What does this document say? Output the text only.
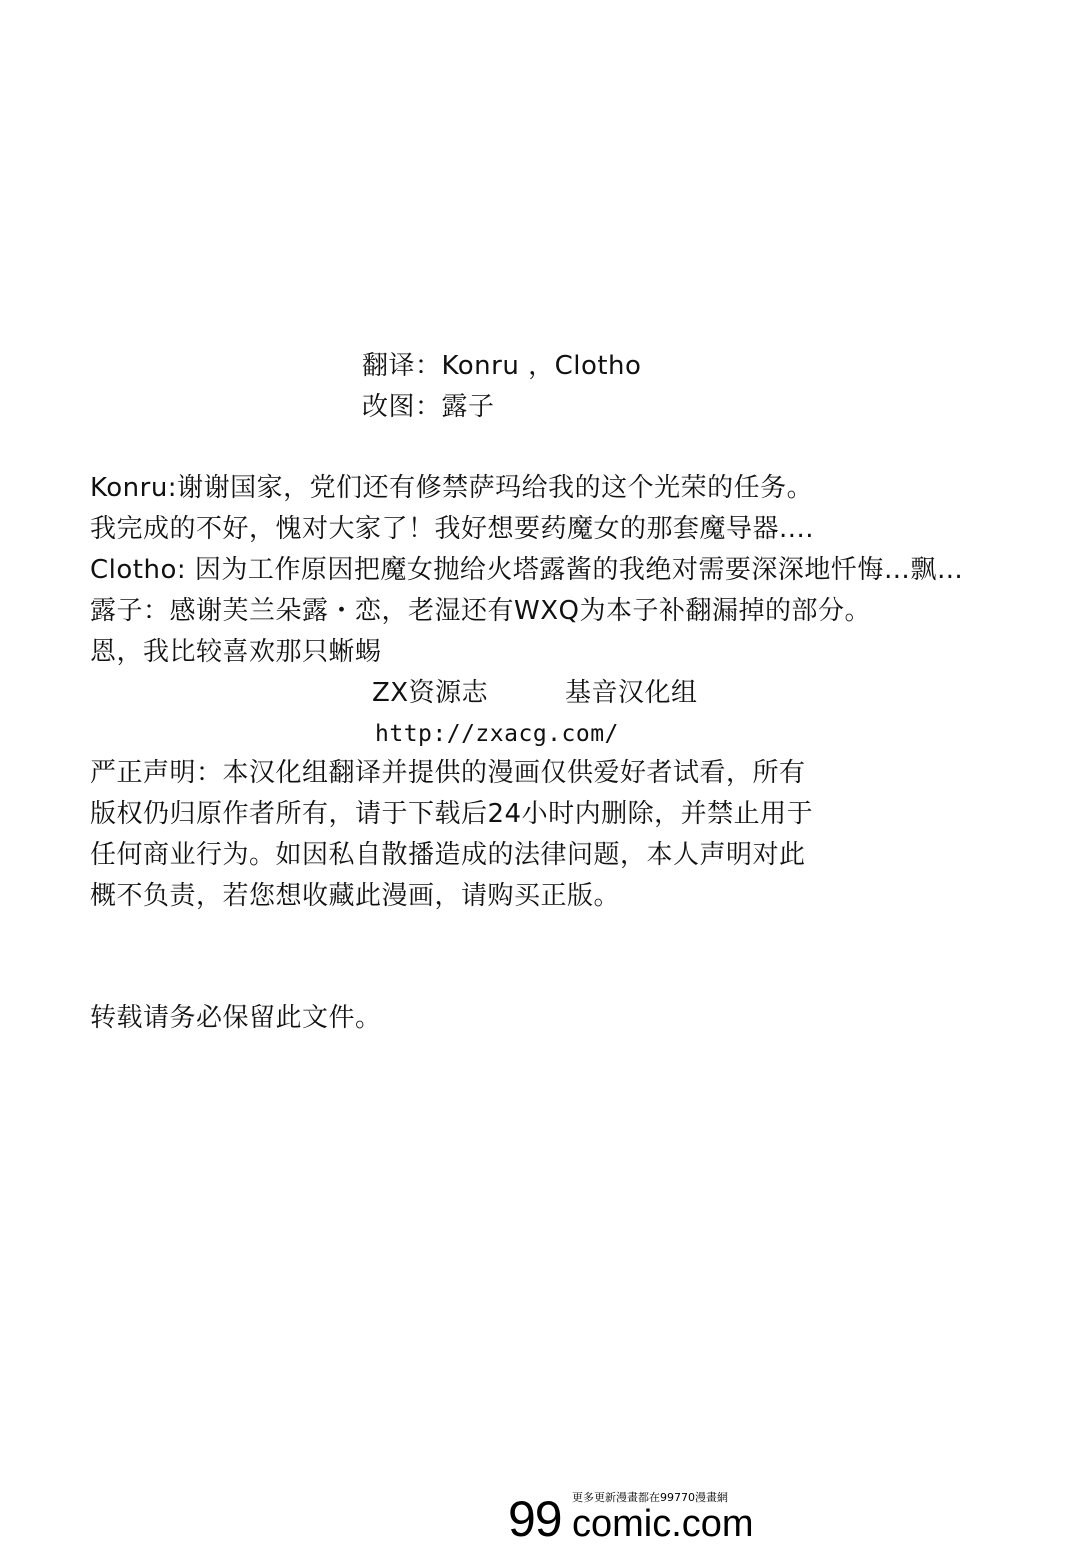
翻译：Konru ，Clotho
改图：露子
Konru:谢谢国家，党们还有修禁萨玛给我的这个光荣的任务。
我完成的不好，愧对大家了！我好想要药魔女的那套魔导器....
Clotho: 因为工作原因把魔女抛给火塔露酱的我绝对需要深深地忏悔…飘…
露子：感谢芙兰朵露・恋，老湿还有WXQ为本子补翻漏掉的部分。
恩，我比较喜欢那只蜥蜴
ZX资源志	基音汉化组
http://zxacg.com/
严正声明：本汉化组翻译并提供的漫画仅供爱好者试看，所有
版权仍归原作者所有，请于下载后24小时内删除，并禁止用于
任何商业行为。如因私自散播造成的法律问题，本人声明对此
概不负责，若您想收藏此漫画，请购买正版。
转载请务必保留此文件。
99 更多更新漫畫都在99770漫畫網
comic.com
